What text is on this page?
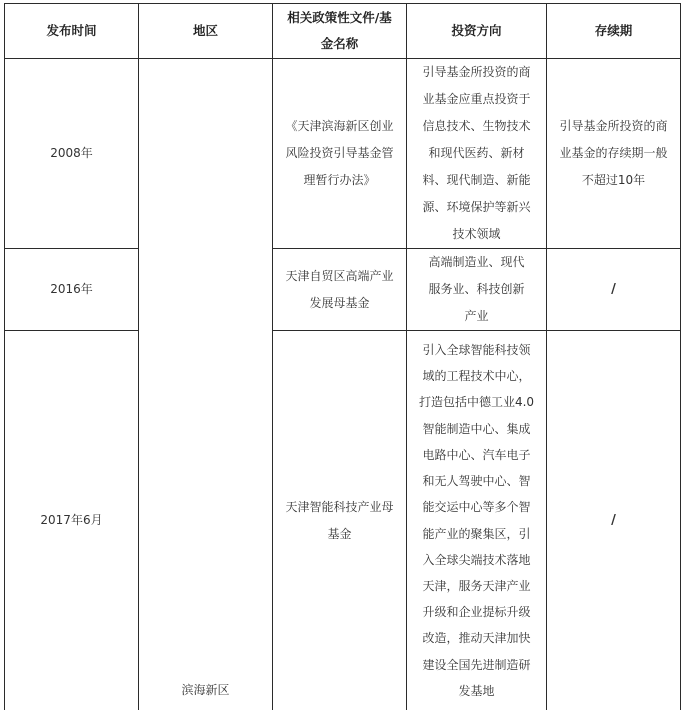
发布时间	地区	相关政策性文件/基金名称	投资方向	存续期
2008年	滨海新区	《天津滨海新区创业风险投资引导基金管理暂行办法》	引导基金所投资的商业基金应重点投资于信息技术、生物技术和现代医药、新材料、现代制造、新能源、环境保护等新兴技术领域	引导基金所投资的商业基金的存续期一般不超过10年

2016年		天津自贸区高端产业发展母基金	高端制造业、现代服务业、科技创新产业	/
2017年6月		天津智能科技产业母基金	引入全球智能科技领域的工程技术中心，打造包括中德工业4.0智能制造中心、集成电路中心、汽车电子和无人驾驶中心、智能交运中心等多个智能产业的聚集区，引入全球尖端技术落地天津，服务天津产业升级和企业提标升级改造，推动天津加快建设全国先进制造研发基地	/
